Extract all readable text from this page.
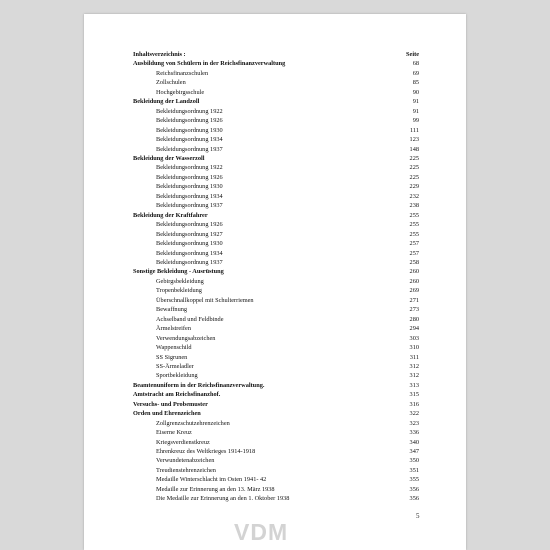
Inhaltsverzeichnis :	Seite
Ausbildung von Schülern in der Reichsfinanzverwaltung	68
Reichsfinanzschulen	69
Zollschulen	85
Hochgebirgsschule	90
Bekleidung der Landzoll	91
Bekleidungsordnung 1922	91
Bekleidungsordnung 1926	99
Bekleidungsordnung 1930	111
Bekleidungsordnung 1934	123
Bekleidungsordnung 1937	148
Bekleidung der Wasserzoll	225
Bekleidungsordnung 1922	225
Bekleidungsordnung 1926	225
Bekleidungsordnung 1930	229
Bekleidungsordnung 1934	232
Bekleidungsordnung 1937	238
Bekleidung der Kraftfahrer	255
Bekleidungsordnung 1926	255
Bekleidungsordnung 1927	255
Bekleidungsordnung 1930	257
Bekleidungsordnung 1934	257
Bekleidungsordnung 1937	258
Sonstige Bekleidung - Ausrüstung	260
Gebirgsbekleidung	260
Tropenbekleidung	269
Überschnallkoppel mit Schulterriemen	271
Bewaffnung	273
Achselband und Feldbinde	280
Ärmelstreifen	294
Verwendungsabzeichen	303
Wappenschild	310
SS Sigrunen	311
SS-Ärmeladler	312
Sportbekleidung	312
Beamtenuniform in der Reichsfinanzverwaltung.	313
Amtstracht am Reichsfinanzhof.	315
Versuchs- und Probemuster	316
Orden und Ehrenzeichen	322
Zollgrenzschutzehrenzeichen	323
Eiserne Kreuz	336
Kriegsverdienstkreuz	340
Ehrenkreuz des Weltkrieges 1914-1918	347
Verwundetenabzeichen	350
Treudienstehrenzeichen	351
Medaille Winterschlacht im Osten 1941- 42	355
Medaille zur Erinnerung an den 13. März 1938	356
Die Medaille zur Erinnerung an den 1. Oktober 1938	356
5
VDM
